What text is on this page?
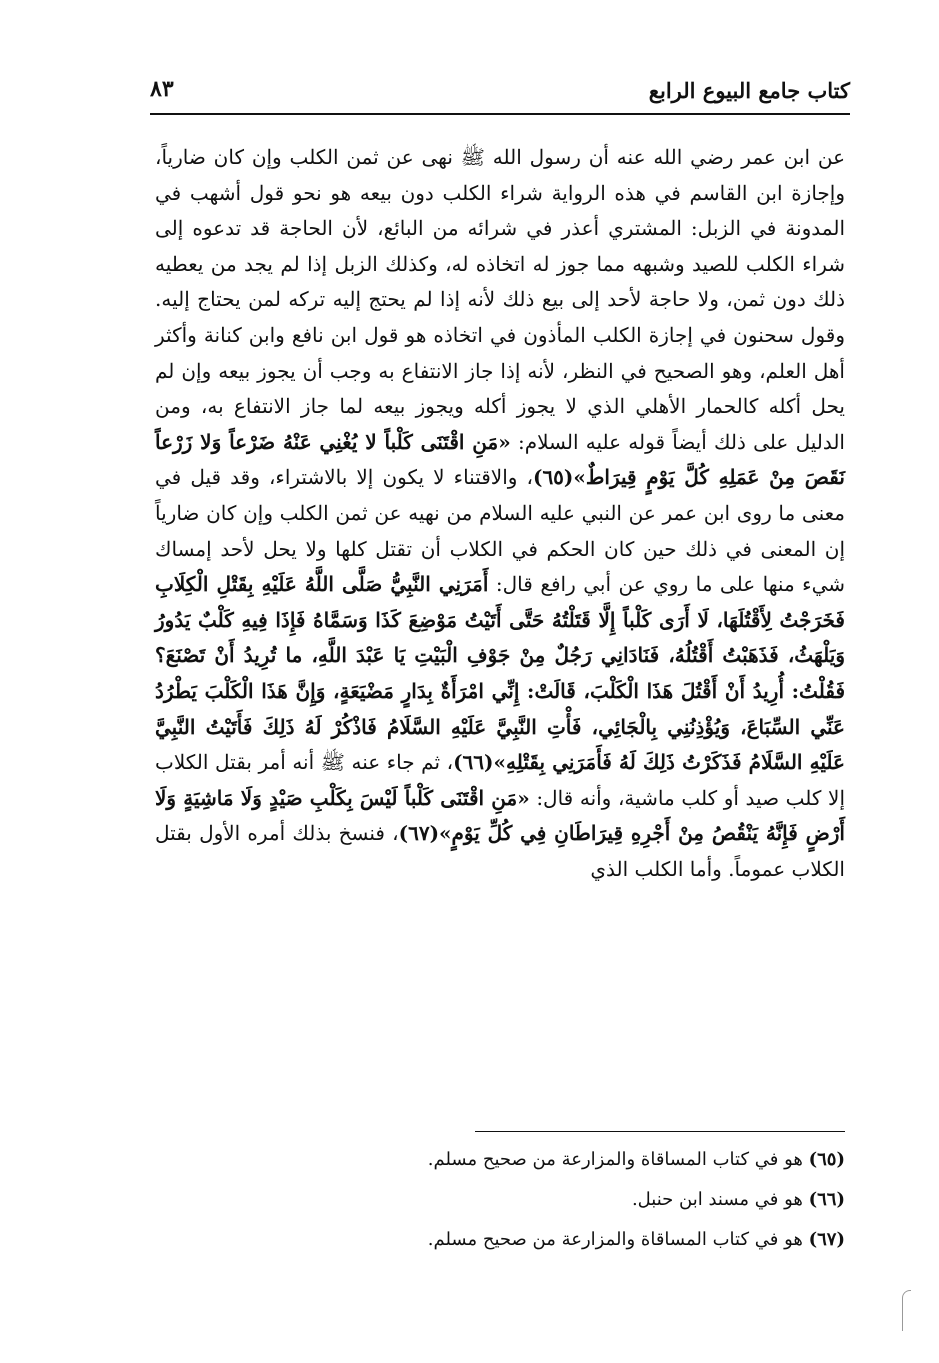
كتاب جامع البيوع الرابع
٨٣

عن ابن عمر رضي الله عنه أن رسول الله ﷺ نهى عن ثمن الكلب وإن كان ضارياً، وإجازة ابن القاسم في هذه الرواية شراء الكلب دون بيعه هو نحو قول أشهب في المدونة في الزبل: المشتري أعذر في شرائه من البائع، لأن الحاجة قد تدعوه إلى شراء الكلب للصيد وشبهه مما جوز له اتخاذه له، وكذلك الزبل إذا لم يجد من يعطيه ذلك دون ثمن، ولا حاجة لأحد إلى بيع ذلك لأنه إذا لم يحتج إليه تركه لمن يحتاج إليه. وقول سحنون في إجازة الكلب المأذون في اتخاذه هو قول ابن نافع وابن كنانة وأكثر أهل العلم، وهو الصحيح في النظر، لأنه إذا جاز الانتفاع به وجب أن يجوز بيعه وإن لم يحل أكله كالحمار الأهلي الذي لا يجوز أكله ويجوز بيعه لما جاز الانتفاع به، ومن الدليل على ذلك أيضاً قوله عليه السلام: «مَنِ اقْتَنَى كَلْباً لا يُغْنِي عَنْهُ ضَرْعاً وَلا زَرْعاً نَقَصَ مِنْ عَمَلِهِ كُلَّ يَوْمٍ قِيرَاطٌ»(٦٥)، والاقتناء لا يكون إلا بالاشتراء، وقد قيل في معنى ما روى ابن عمر عن النبي عليه السلام من نهيه عن ثمن الكلب وإن كان ضارياً إن المعنى في ذلك حين كان الحكم في الكلاب أن تقتل كلها ولا يحل لأحد إمساك شيء منها على ما روي عن أبي رافع قال: أَمَرَنِي النَّبِيُّ صَلَّى اللَّهُ عَلَيْهِ بِقَتْلِ الْكِلَابِ فَخَرَجْتُ لِأَقْتُلَهَا، لَا أَرَى كَلْباً إِلَّا قَتَلْتُهُ حَتَّى أَتَيْتُ مَوْضِعَ كَذَا وَسَمَّاهُ فَإِذَا فِيهِ كَلْبٌ يَدُورُ وَيَلْهَثُ، فَذَهَبْتُ أَقْتُلُهُ، فَنَادَانِي رَجُلٌ مِنْ جَوْفِ الْبَيْتِ يَا عَبْدَ اللَّهِ، ما تُرِيدُ أَنْ تَصْنَعَ؟ فَقُلْتُ: أُرِيدُ أَنْ أَقْتُلَ هَذَا الْكَلْبَ، قَالَتْ: إِنِّي امْرَأَةٌ بِدَارٍ مَضْيَعَةٍ، وَإِنَّ هَذَا الْكَلْبَ يَطْرُدُ عَنِّي السِّبَاعَ، وَيُؤْذِنُنِي بِالْجَائِي، فَأْتِ النَّبِيَّ عَلَيْهِ السَّلَامُ فَاذْكُرْ لَهُ ذَلِكَ فَأَتَيْتُ النَّبِيَّ عَلَيْهِ السَّلَامُ فَذَكَرْتُ ذَلِكَ لَهُ فَأَمَرَنِي بِقَتْلِهِ»(٦٦)، ثم جاء عنه ﷺ أنه أمر بقتل الكلاب إلا كلب صيد أو كلب ماشية، وأنه قال: «مَنِ اقْتَنَى كَلْباً لَيْسَ بِكَلْبِ صَيْدٍ وَلَا مَاشِيَةٍ وَلَا أَرْضٍ فَإِنَّهُ يَنْقُصُ مِنْ أَجْرِهِ قِيرَاطَانِ فِي كُلِّ يَوْمٍ»(٦٧)، فنسخ بذلك أمره الأول بقتل الكلاب عموماً. وأما الكلب الذي

(٦٥) هو في كتاب المساقاة والمزارعة من صحيح مسلم.
(٦٦) هو في مسند ابن حنبل.
(٦٧) هو في كتاب المساقاة والمزارعة من صحيح مسلم.
